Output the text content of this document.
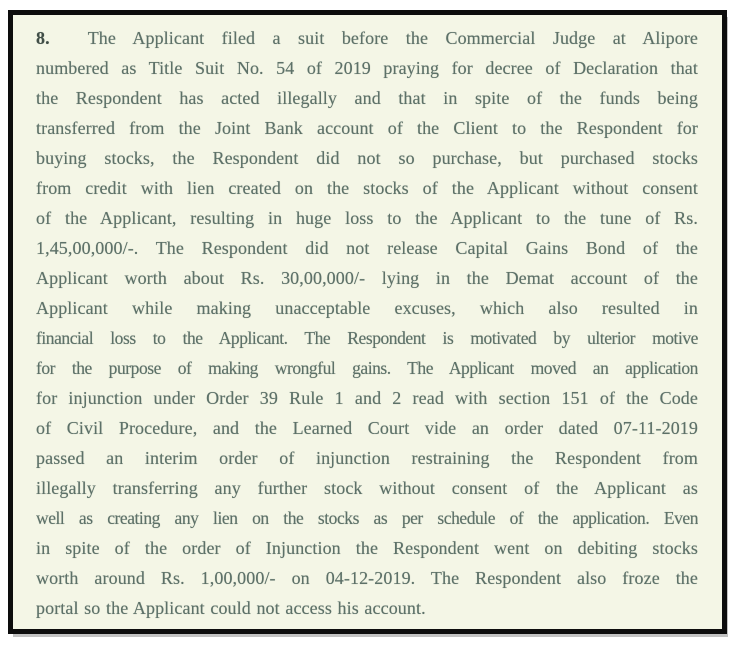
8. The Applicant filed a suit before the Commercial Judge at Alipore
numbered as Title Suit No. 54 of 2019 praying for decree of Declaration that
the Respondent has acted illegally and that in spite of the funds being
transferred from the Joint Bank account of the Client to the Respondent for
buying stocks, the Respondent did not so purchase, but purchased stocks
from credit with lien created on the stocks of the Applicant without consent
of the Applicant, resulting in huge loss to the Applicant to the tune of Rs.
1,45,00,000/-. The Respondent did not release Capital Gains Bond of the
Applicant worth about Rs. 30,00,000/- lying in the Demat account of the
Applicant while making unacceptable excuses, which also resulted in
financial loss to the Applicant. The Respondent is motivated by ulterior motive
for the purpose of making wrongful gains. The Applicant moved an application
for injunction under Order 39 Rule 1 and 2 read with section 151 of the Code
of Civil Procedure, and the Learned Court vide an order dated 07-11-2019
passed an interim order of injunction restraining the Respondent from
illegally transferring any further stock without consent of the Applicant as
well as creating any lien on the stocks as per schedule of the application. Even
in spite of the order of Injunction the Respondent went on debiting stocks
worth around Rs. 1,00,000/- on 04-12-2019. The Respondent also froze the
portal so the Applicant could not access his account.
